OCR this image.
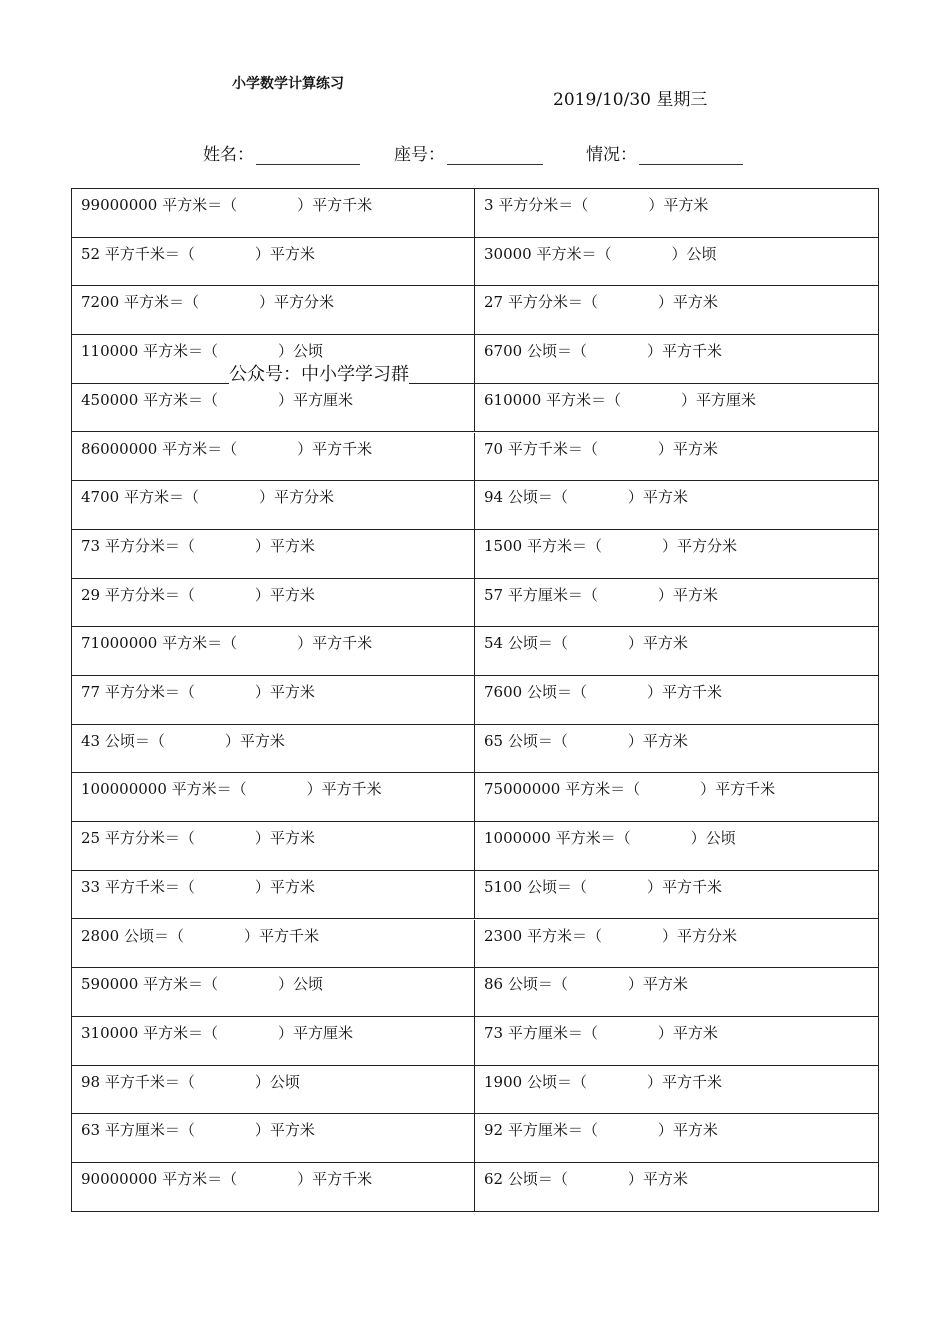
小学数学计算练习
2019/10/30 星期三
姓名：	座号：	情况：
99000000 平方米＝（　　　　）平方千米	3 平方分米＝（　　　　）平方米
52 平方千米＝（　　　　）平方米	30000 平方米＝（　　　　）公顷
7200 平方米＝（　　　　）平方分米	27 平方分米＝（　　　　）平方米
110000 平方米＝（　　　　）公顷	6700 公顷＝（　　　　）平方千米
450000 平方米＝（　　　　）平方厘米	610000 平方米＝（　　　　）平方厘米
86000000 平方米＝（　　　　）平方千米	70 平方千米＝（　　　　）平方米
4700 平方米＝（　　　　）平方分米	94 公顷＝（　　　　）平方米
73 平方分米＝（　　　　）平方米	1500 平方米＝（　　　　）平方分米
29 平方分米＝（　　　　）平方米	57 平方厘米＝（　　　　）平方米
71000000 平方米＝（　　　　）平方千米	54 公顷＝（　　　　）平方米
77 平方分米＝（　　　　）平方米	7600 公顷＝（　　　　）平方千米
43 公顷＝（　　　　）平方米	65 公顷＝（　　　　）平方米
100000000 平方米＝（　　　　）平方千米	75000000 平方米＝（　　　　）平方千米
25 平方分米＝（　　　　）平方米	1000000 平方米＝（　　　　）公顷
33 平方千米＝（　　　　）平方米	5100 公顷＝（　　　　）平方千米
2800 公顷＝（　　　　）平方千米	2300 平方米＝（　　　　）平方分米
590000 平方米＝（　　　　）公顷	86 公顷＝（　　　　）平方米
310000 平方米＝（　　　　）平方厘米	73 平方厘米＝（　　　　）平方米
98 平方千米＝（　　　　）公顷	1900 公顷＝（　　　　）平方千米
63 平方厘米＝（　　　　）平方米	92 平方厘米＝（　　　　）平方米
90000000 平方米＝（　　　　）平方千米	62 公顷＝（　　　　）平方米
公众号：中小学学习群
